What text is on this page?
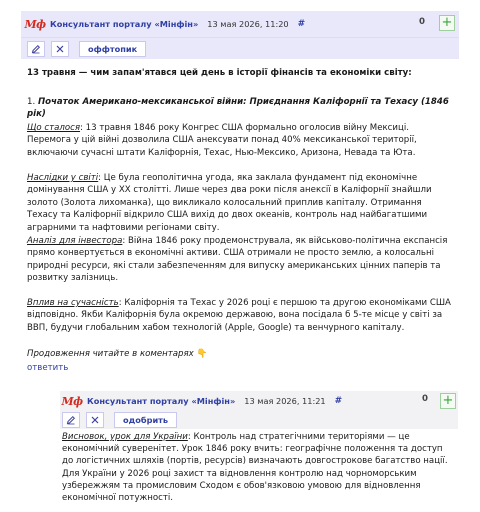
Мф Консультант порталу «Мінфін» 13 мая 2026, 11:20 #	0	+
оффтопик
13 травня — чим запам'ятався цей день в історії фінансів та економіки світу:
1. Початок Американо-мексиканської війни: Приєднання Каліфорнії та Техасу (1846 рік)
Що сталося: 13 травня 1846 року Конгрес США формально оголосив війну Мексиці. Перемога у цій війні дозволила США анексувати понад 40% мексиканської території, включаючи сучасні штати Каліфорнія, Техас, Нью-Мексико, Аризона, Невада та Юта.
Наслідки у світі: Це була геополітична угода, яка заклала фундамент під економічне домінування США у XX столітті. Лише через два роки після анексії в Каліфорнії знайшли золото (Золота лихоманка), що викликало колосальний приплив капіталу. Отримання Техасу та Каліфорнії відкрило США вихід до двох океанів, контроль над найбагатшими аграрними та нафтовими регіонами світу.
Аналіз для інвестора: Війна 1846 року продемонструвала, як військово-політична експансія прямо конвертується в економічні активи. США отримали не просто землю, а колосальні природні ресурси, які стали забезпеченням для випуску американських цінних паперів та розвитку залізниць.
Вплив на сучасність: Каліфорнія та Техас у 2026 році є першою та другою економіками США відповідно. Якби Каліфорнія була окремою державою, вона посідала б 5-те місце у світі за ВВП, будучи глобальним хабом технологій (Apple, Google) та венчурного капіталу.
Продовження читайте в коментарях 👇
ответить
Мф Консультант порталу «Мінфін» 13 мая 2026, 11:21 #	0	+
одобрить
Висновок, урок для України: Контроль над стратегічними територіями — це економічний суверенітет. Урок 1846 року вчить: географічне положення та доступ до логістичних шляхів (портів, ресурсів) визначають довгострокове багатство нації. Для України у 2026 році захист та відновлення контролю над чорноморським узбережжям та промисловим Сходом є обов'язковою умовою для відновлення економічної потужності.
